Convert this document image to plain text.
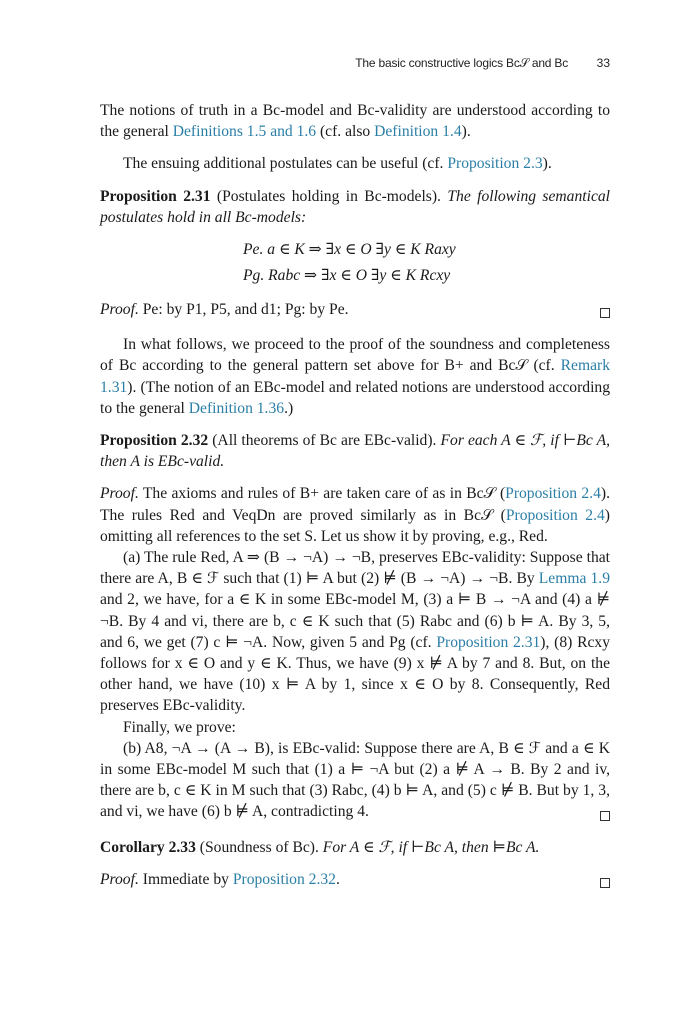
The basic constructive logics Bc𝒮 and Bc 33

The notions of truth in a Bc-model and Bc-validity are understood according to the general Definitions 1.5 and 1.6 (cf. also Definition 1.4).

The ensuing additional postulates can be useful (cf. Proposition 2.3).

Proposition 2.31 (Postulates holding in Bc-models). The following semantical postulates hold in all Bc-models:

Pe. a ∈ K ⇒ ∃x ∈ O ∃y ∈ K Raxy
Pg. Rabc ⇒ ∃x ∈ O ∃y ∈ K Rcxy

Proof. Pe: by P1, P5, and d1; Pg: by Pe.

In what follows, we proceed to the proof of the soundness and completeness of Bc according to the general pattern set above for B+ and Bc𝒮 (cf. Remark 1.31). (The notion of an EBc-model and related notions are understood according to the general Definition 1.36.)

Proposition 2.32 (All theorems of Bc are EBc-valid). For each A ∈ ℱ, if ⊢Bc A, then A is EBc-valid.

Proof. The axioms and rules of B+ are taken care of as in Bc𝒮 (Proposition 2.4). The rules Red and VeqDn are proved similarly as in Bc𝒮 (Proposition 2.4) omitting all references to the set S. Let us show it by proving, e.g., Red.

(a) The rule Red, A ⇒ (B → ¬A) → ¬B, preserves EBc-validity: Suppose that there are A, B ∈ ℱ such that (1) ⊨ A but (2) ⊭ (B → ¬A) → ¬B. By Lemma 1.9 and 2, we have, for a ∈ K in some EBc-model M, (3) a ⊨ B → ¬A and (4) a ⊭ ¬B. By 4 and vi, there are b, c ∈ K such that (5) Rabc and (6) b ⊨ A. By 3, 5, and 6, we get (7) c ⊨ ¬A. Now, given 5 and Pg (cf. Proposition 2.31), (8) Rcxy follows for x ∈ O and y ∈ K. Thus, we have (9) x ⊭ A by 7 and 8. But, on the other hand, we have (10) x ⊨ A by 1, since x ∈ O by 8. Consequently, Red preserves EBc-validity.

Finally, we prove:

(b) A8, ¬A → (A → B), is EBc-valid: Suppose there are A, B ∈ ℱ and a ∈ K in some EBc-model M such that (1) a ⊨ ¬A but (2) a ⊭ A → B. By 2 and iv, there are b, c ∈ K in M such that (3) Rabc, (4) b ⊨ A, and (5) c ⊭ B. But by 1, 3, and vi, we have (6) b ⊭ A, contradicting 4.

Corollary 2.33 (Soundness of Bc). For A ∈ ℱ, if ⊢Bc A, then ⊨Bc A.

Proof. Immediate by Proposition 2.32.
